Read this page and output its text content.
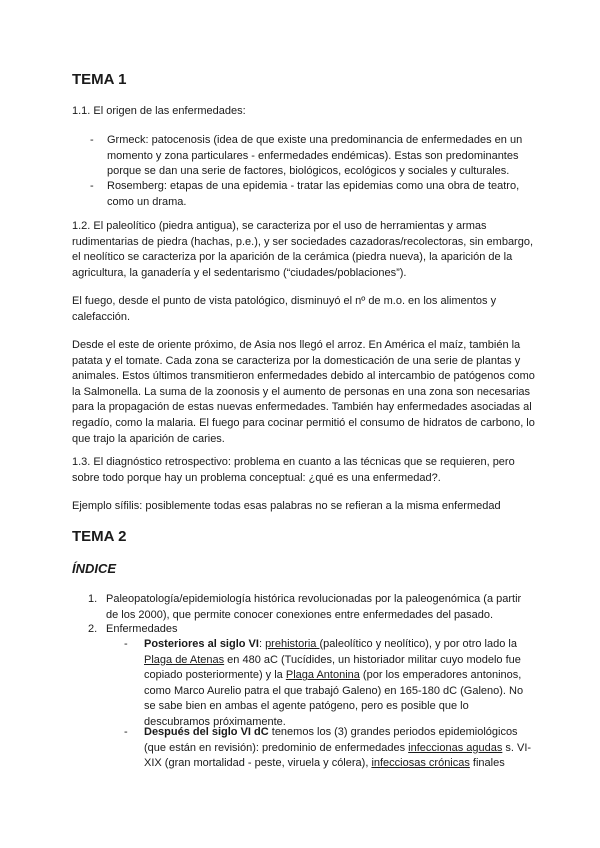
TEMA 1

1.1. El origen de las enfermedades:

- Grmeck: patocenosis (idea de que existe una predominancia de enfermedades en un momento y zona particulares - enfermedades endémicas). Estas son predominantes porque se dan una serie de factores, biológicos, ecológicos y sociales y culturales.
- Rosemberg: etapas de una epidemia - tratar las epidemias como una obra de teatro, como un drama.

1.2. El paleolítico (piedra antigua), se caracteriza por el uso de herramientas y armas rudimentarias de piedra (hachas, p.e.), y ser sociedades cazadoras/recolectoras, sin embargo, el neolítico se caracteriza por la aparición de la cerámica (piedra nueva), la aparición de la agricultura, la ganadería y el sedentarismo (“ciudades/poblaciones”).

El fuego, desde el punto de vista patológico, disminuyó el nº de m.o. en los alimentos y calefacción.

Desde el este de oriente próximo, de Asia nos llegó el arroz. En América el maíz, también la patata y el tomate. Cada zona se caracteriza por la domesticación de una serie de plantas y animales. Estos últimos transmitieron enfermedades debido al intercambio de patógenos como la Salmonella. La suma de la zoonosis y el aumento de personas en una zona son necesarias para la propagación de estas nuevas enfermedades. También hay enfermedades asociadas al regadío, como la malaria. El fuego para cocinar permitió el consumo de hidratos de carbono, lo que trajo la aparición de caries.

1.3. El diagnóstico retrospectivo: problema en cuanto a las técnicas que se requieren, pero sobre todo porque hay un problema conceptual: ¿qué es una enfermedad?.

Ejemplo sífilis: posiblemente todas esas palabras no se refieran a la misma enfermedad

TEMA 2
ÍNDICE
1. Paleopatología/epidemiología histórica revolucionadas por la paleogenómica (a partir de los 2000), que permite conocer conexiones entre enfermedades del pasado.
2. Enfermedades
- Posteriores al siglo VI: prehistoria (paleolítico y neolítico), y por otro lado la Plaga de Atenas en 480 aC (Tucídides, un historiador militar cuyo modelo fue copiado posteriormente) y la Plaga Antonina (por los emperadores antoninos, como Marco Aurelio patra el que trabajó Galeno) en 165-180 dC (Galeno). No se sabe bien en ambas el agente patógeno, pero es posible que lo descubramos próximamente.
- Después del siglo VI dC tenemos los (3) grandes periodos epidemiológicos (que están en revisión): predominio de enfermedades infeccionas agudas s. VI-XIX (gran mortalidad - peste, viruela y cólera), infecciosas crónicas finales
